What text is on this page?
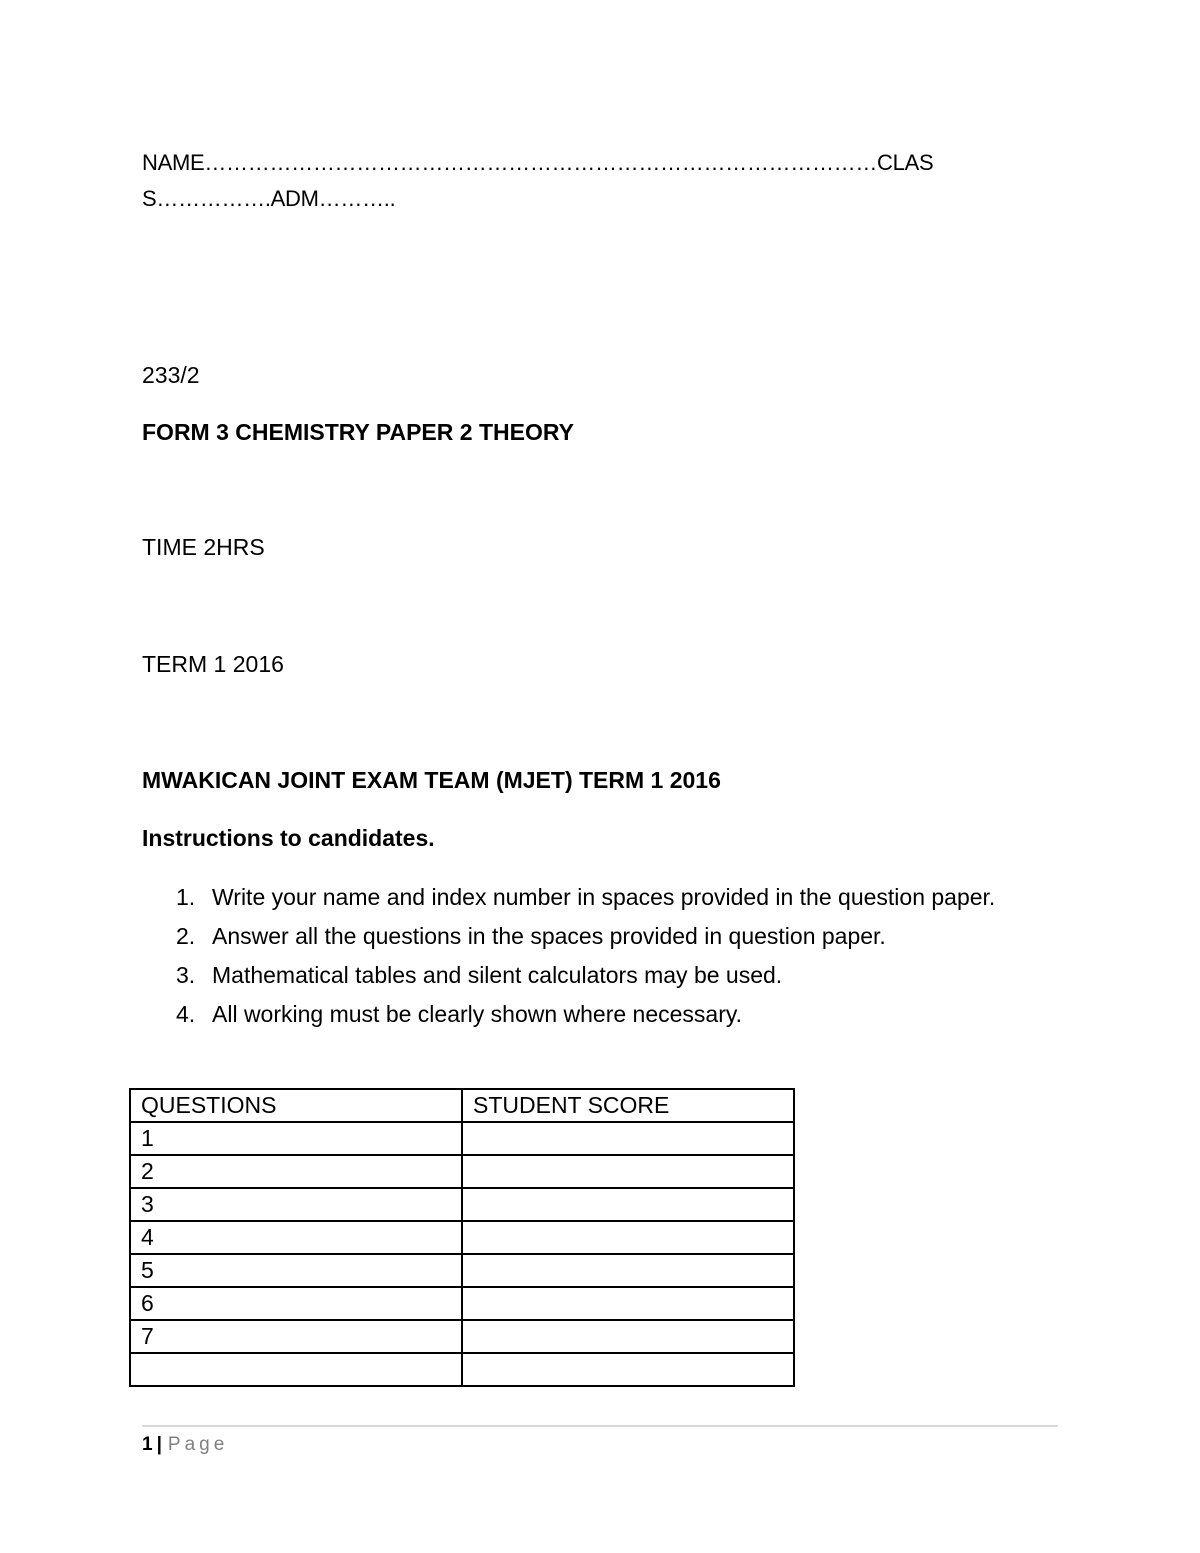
NAME…………………………………………………………………………………CLASS…………….ADM………..
233/2
FORM 3 CHEMISTRY PAPER 2 THEORY
TIME 2HRS
TERM 1 2016
MWAKICAN JOINT EXAM TEAM (MJET) TERM 1 2016
Instructions to candidates.
1. Write your name and index number in spaces provided in the question paper.
2. Answer all the questions in the spaces provided in question paper.
3. Mathematical tables and silent calculators may be used.
4. All working must be clearly shown where necessary.
QUESTIONS	STUDENT SCORE
1	
2	
3	
4	
5	
6	
7	

1 | Page
